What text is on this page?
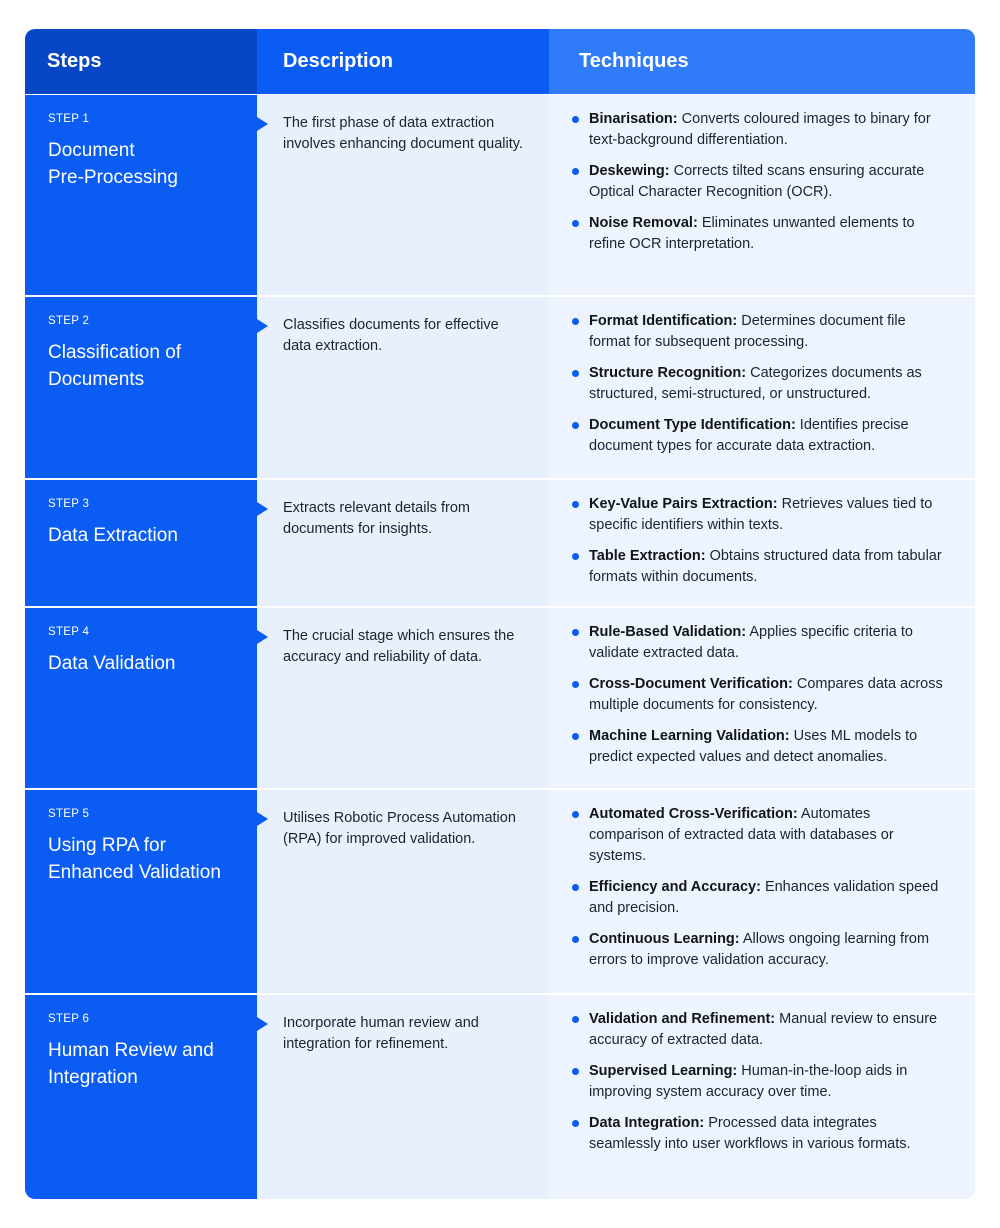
Steps	Description	Techniques
STEP 1
Document
Pre-Processing
The first phase of data extraction involves enhancing document quality.
Binarisation: Converts coloured images to binary for text-background differentiation.
Deskewing: Corrects tilted scans ensuring accurate Optical Character Recognition (OCR).
Noise Removal: Eliminates unwanted elements to refine OCR interpretation.
STEP 2
Classification of
Documents
Classifies documents for effective data extraction.
Format Identification: Determines document file format for subsequent processing.
Structure Recognition: Categorizes documents as structured, semi-structured, or unstructured.
Document Type Identification: Identifies precise document types for accurate data extraction.
STEP 3
Data Extraction
Extracts relevant details from documents for insights.
Key-Value Pairs Extraction: Retrieves values tied to specific identifiers within texts.
Table Extraction: Obtains structured data from tabular formats within documents.
STEP 4
Data Validation
The crucial stage which ensures the accuracy and reliability of data.
Rule-Based Validation: Applies specific criteria to validate extracted data.
Cross-Document Verification: Compares data across multiple documents for consistency.
Machine Learning Validation: Uses ML models to predict expected values and detect anomalies.
STEP 5
Using RPA for
Enhanced Validation
Utilises Robotic Process Automation (RPA) for improved validation.
Automated Cross-Verification: Automates comparison of extracted data with databases or systems.
Efficiency and Accuracy: Enhances validation speed and precision.
Continuous Learning: Allows ongoing learning from errors to improve validation accuracy.
STEP 6
Human Review and
Integration
Incorporate human review and integration for refinement.
Validation and Refinement: Manual review to ensure accuracy of extracted data.
Supervised Learning: Human-in-the-loop aids in improving system accuracy over time.
Data Integration: Processed data integrates seamlessly into user workflows in various formats.
